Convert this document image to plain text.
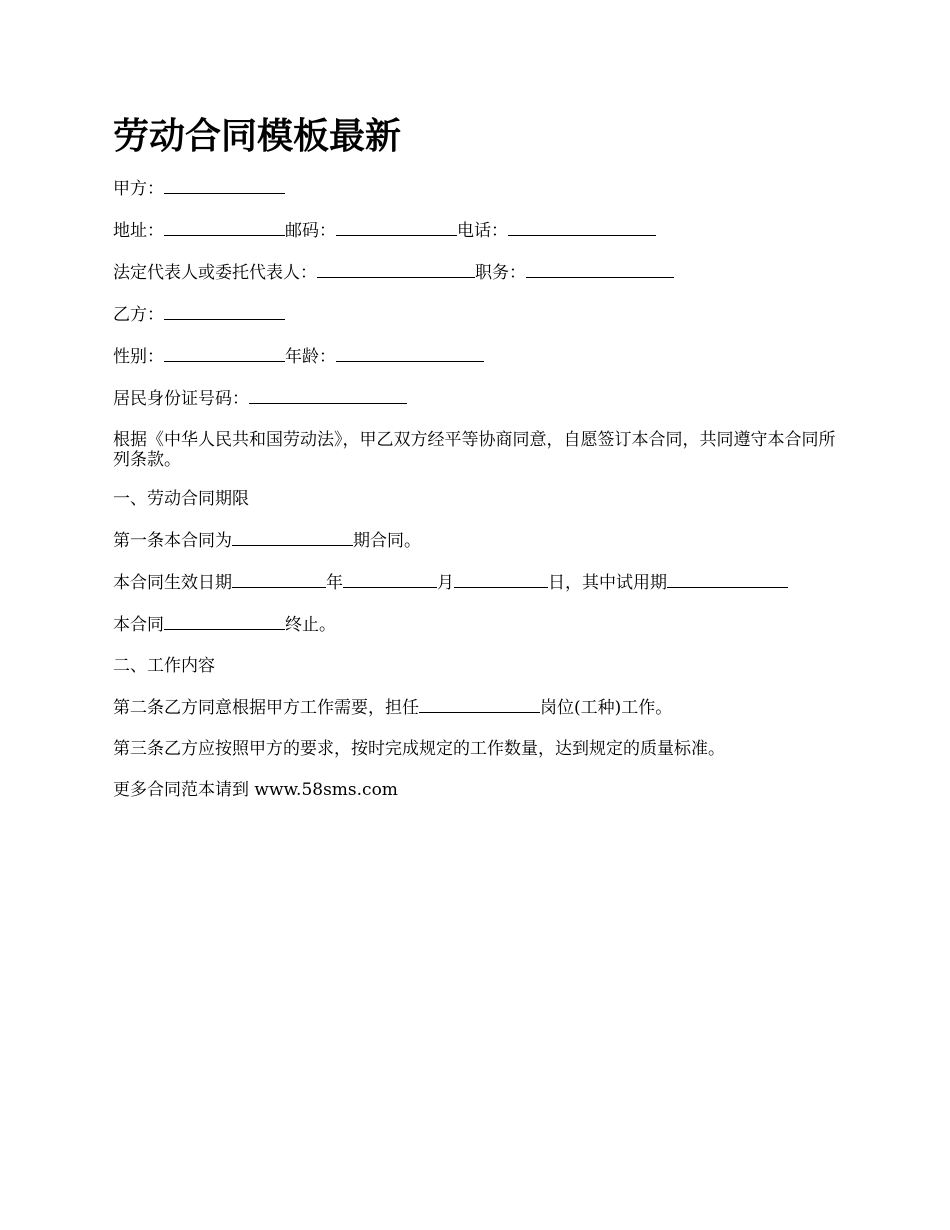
劳动合同模板最新
甲方：
地址：	邮码：	电话：
法定代表人或委托代表人：	职务：
乙方：
性别：	年龄：
居民身份证号码：
根据《中华人民共和国劳动法》，甲乙双方经平等协商同意，自愿签订本合同，共同遵守本合同所列条款。
一、劳动合同期限
第一条本合同为	期合同。
本合同生效日期	年	月	日，其中试用期
本合同	终止。
二、工作内容
第二条乙方同意根据甲方工作需要，担任	岗位(工种)工作。
第三条乙方应按照甲方的要求，按时完成规定的工作数量，达到规定的质量标准。
更多合同范本请到 www.58sms.com
